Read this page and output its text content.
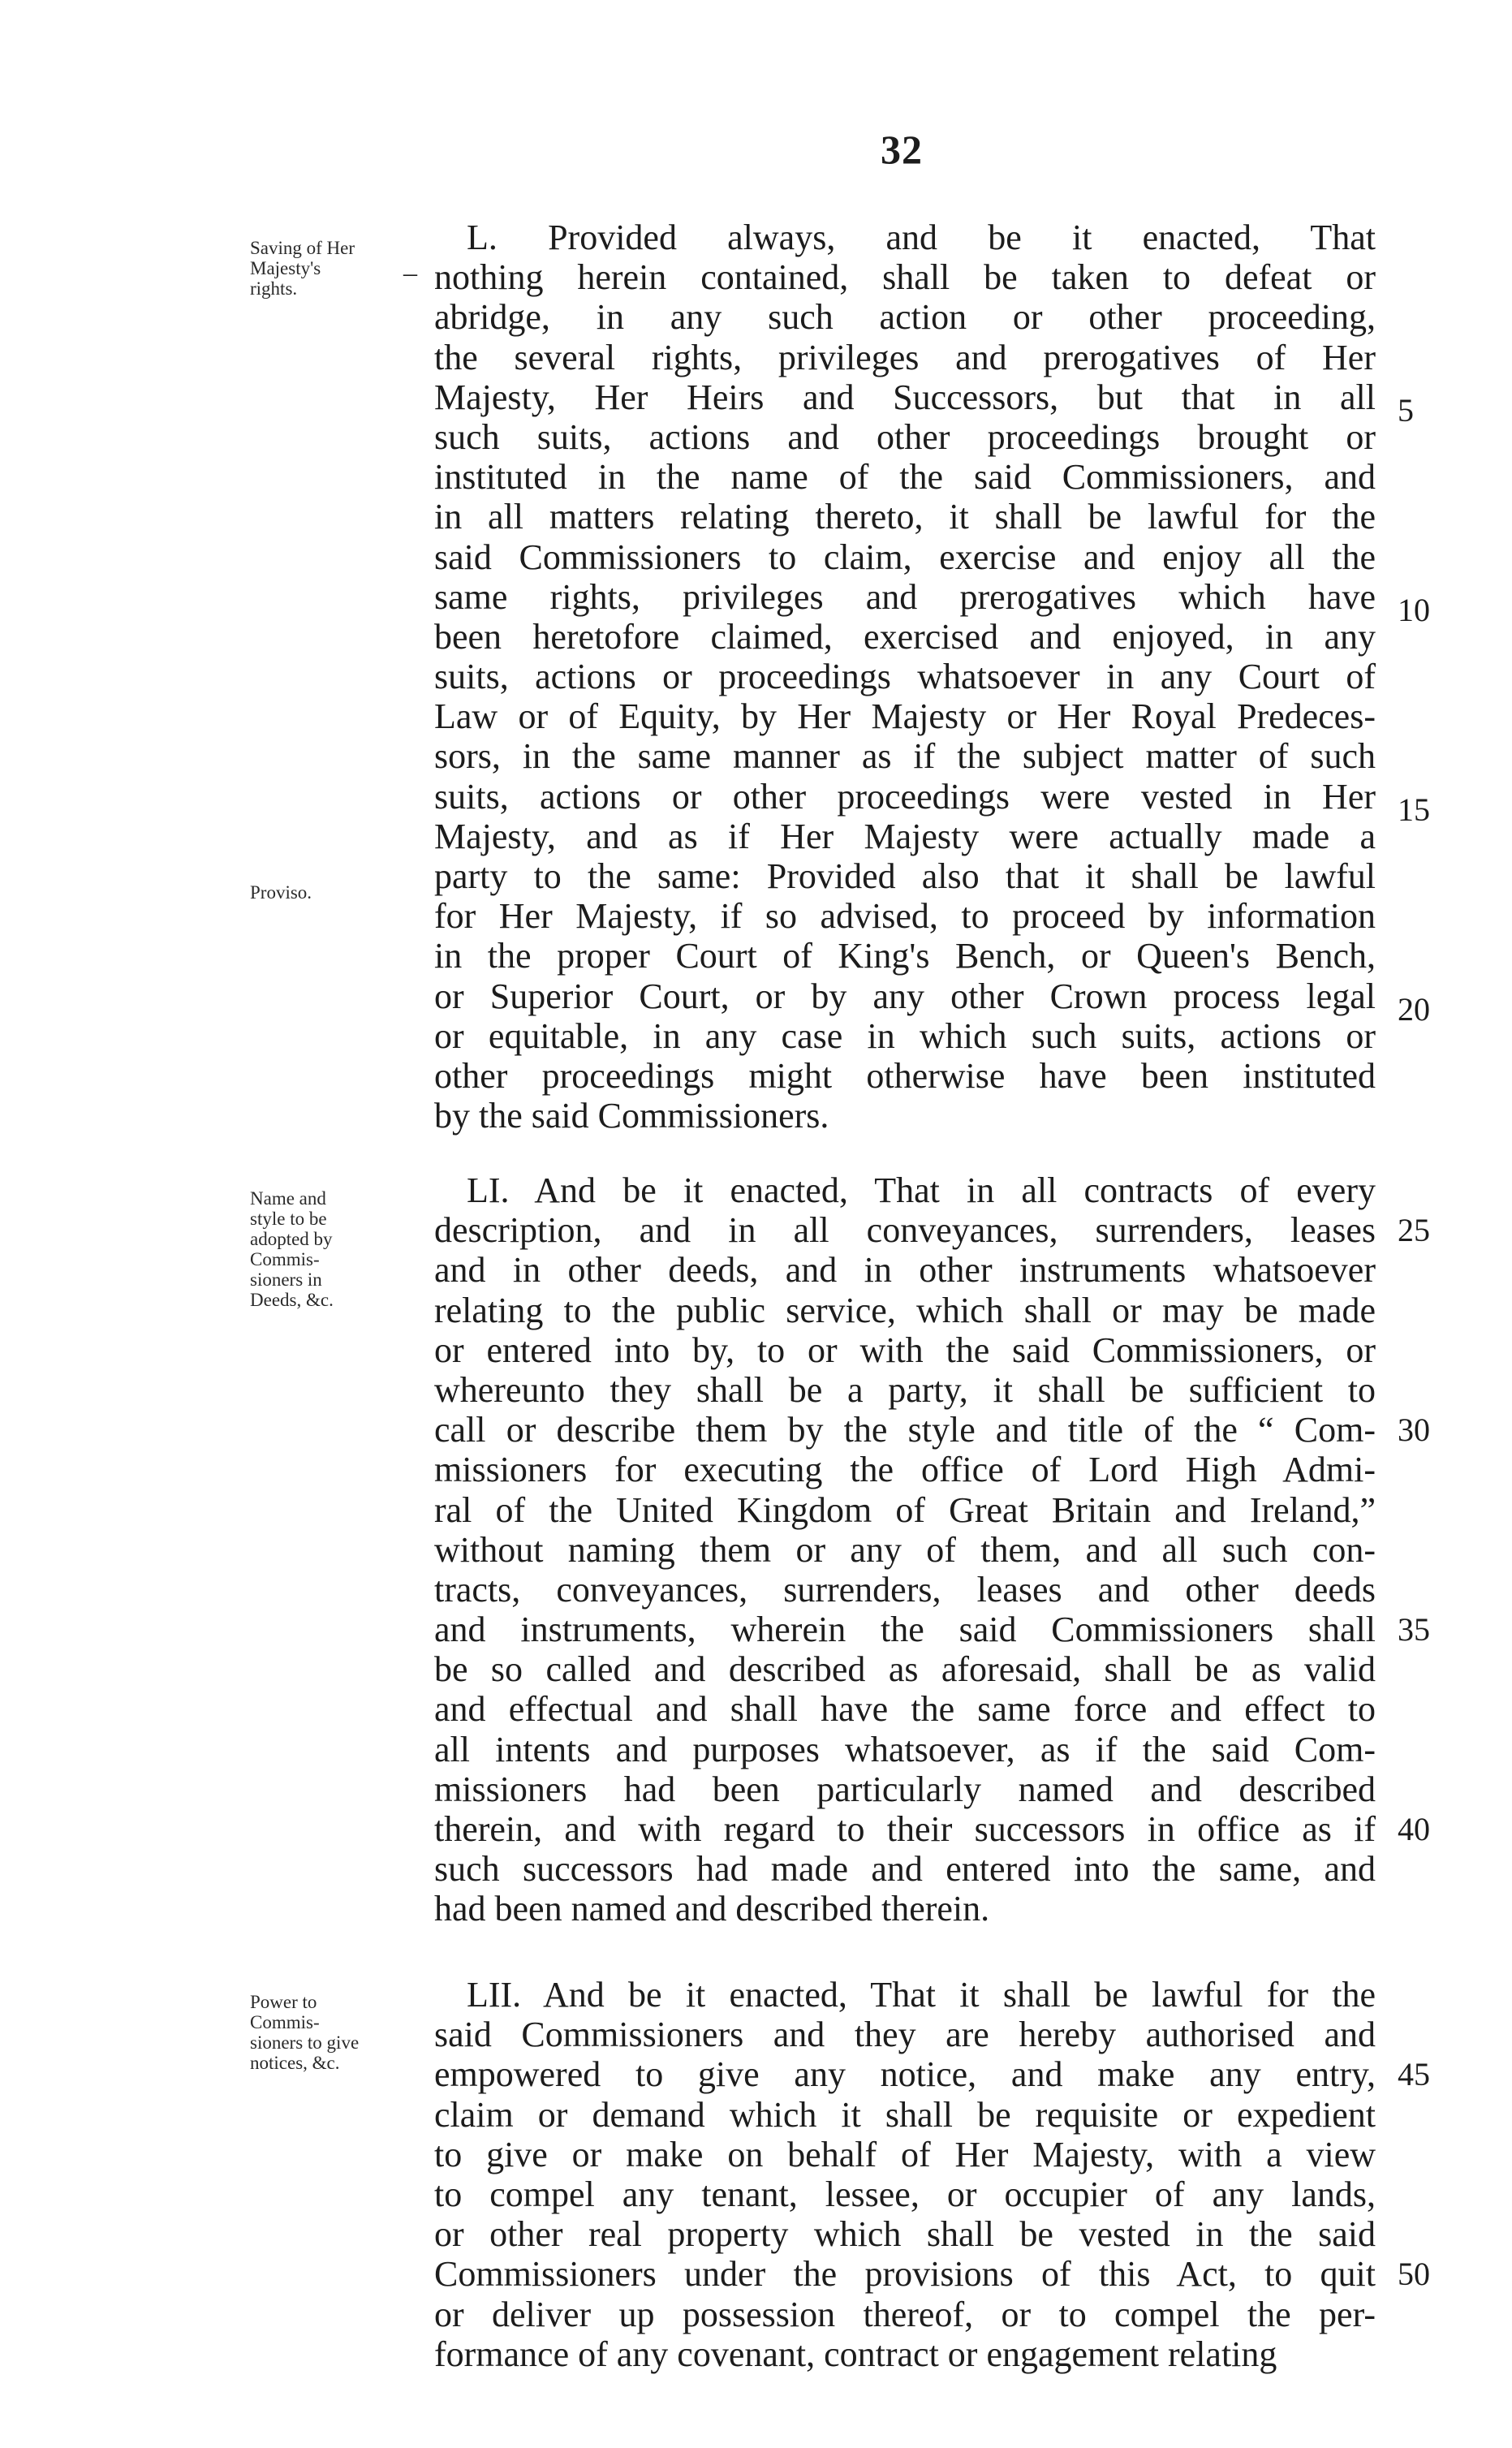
32
Saving of Her
Majesty's
rights.
–
Proviso.
L. Provided always, and be it enacted, That
nothing herein contained, shall be taken to defeat or
abridge, in any such action or other proceeding,
the several rights, privileges and prerogatives of Her
Majesty, Her Heirs and Successors, but that in all
such suits, actions and other proceedings brought or
instituted in the name of the said Commissioners, and
in all matters relating thereto, it shall be lawful for the
said Commissioners to claim, exercise and enjoy all the
same rights, privileges and prerogatives which have
been heretofore claimed, exercised and enjoyed, in any
suits, actions or proceedings whatsoever in any Court of
Law or of Equity, by Her Majesty or Her Royal Predeces-
sors, in the same manner as if the subject matter of such
suits, actions or other proceedings were vested in Her
Majesty, and as if Her Majesty were actually made a
party to the same: Provided also that it shall be lawful
for Her Majesty, if so advised, to proceed by information
in the proper Court of King's Bench, or Queen's Bench,
or Superior Court, or by any other Crown process legal
or equitable, in any case in which such suits, actions or
other proceedings might otherwise have been instituted
by the said Commissioners.
Name and
style to be
adopted by
Commis-
sioners in
Deeds, &c.
LI. And be it enacted, That in all contracts of every
description, and in all conveyances, surrenders, leases
and in other deeds, and in other instruments whatsoever
relating to the public service, which shall or may be made
or entered into by, to or with the said Commissioners, or
whereunto they shall be a party, it shall be sufficient to
call or describe them by the style and title of the “ Com-
missioners for executing the office of Lord High Admi-
ral of the United Kingdom of Great Britain and Ireland,”
without naming them or any of them, and all such con-
tracts, conveyances, surrenders, leases and other deeds
and instruments, wherein the said Commissioners shall
be so called and described as aforesaid, shall be as valid
and effectual and shall have the same force and effect to
all intents and purposes whatsoever, as if the said Com-
missioners had been particularly named and described
therein, and with regard to their successors in office as if
such successors had made and entered into the same, and
had been named and described therein.
Power to
Commis-
sioners to give
notices, &c.
LII. And be it enacted, That it shall be lawful for the
said Commissioners and they are hereby authorised and
empowered to give any notice, and make any entry,
claim or demand which it shall be requisite or expedient
to give or make on behalf of Her Majesty, with a view
to compel any tenant, lessee, or occupier of any lands,
or other real property which shall be vested in the said
Commissioners under the provisions of this Act, to quit
or deliver up possession thereof, or to compel the per-
formance of any covenant, contract or engagement relating
5
10
15
20
25
30
35
40
45
50
